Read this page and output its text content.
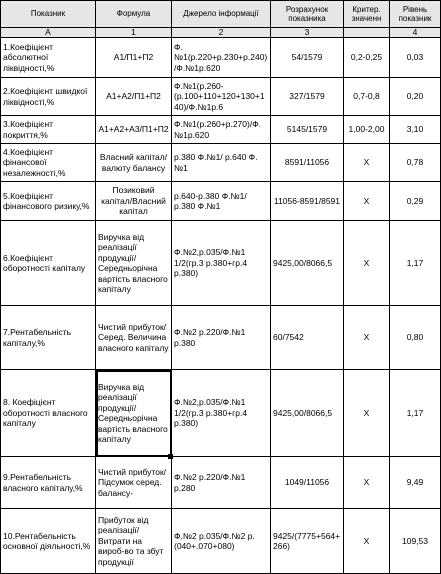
Показник	Формула	Джерело інформації	Розрахунок показника	Критер. значенн	Рівень показник
А	1	2	3		4
1.Коефіцієнт абсолютної ліквідності,%	А1/П1+П2	Ф.№1(р.220+р.230+р.240)/Ф.№1р.620	54/1579	0,2-0,25	0,03
2.Коефіцієнт швидкої ліквідності,%	А1+А2/П1+П2	Ф.№1(р.260-(р.100+110+120+130+140)/Ф.№1р.6	327/1579	0,7-0,8	0,20
3.Коефіцієнт покриття,%	А1+А2+А3/П1+П2	Ф.№1(р.260+р.270)/Ф.№1р.620	5145/1579	1,00-2,00	3,10
4.Коефіцієнт фінансової незалежності,%	Власний капітал/валюту балансу	р.380 Ф.№1/ р.640 Ф.№1	8591/11056	Х	0,78
5.Коефіцієнт фінансового ризику,%	Позиковий капітал/Власний капітал	р.640-р.380 Ф.№1/р.380 Ф.№1	11056-8591/8591	Х	0,29
6.Коефіцієнт оборотності капіталу	Виручка від реалізації продукції/Середньорічна вартість власного капіталу	Ф.№2,р.035/Ф.№1 1/2(гр.3 р.380+гр.4 р.380)	9425,00/8066,5	Х	1,17
7.Рентабельність капіталу,%	Чистий прибуток/Серед. Величина власного капіталу	Ф.№2 р.220/Ф.№1 р.380	60/7542	Х	0,80
8. Коефіцієнт оборотності власного капіталу	Виручка від реалізації продукції/Середньорічна вартість власного капіталу	Ф.№2,р.035/Ф.№1 1/2(гр.3 р.380+гр.4 р.380)	9425,00/8066,5	Х	1,17
9.Рентабельність власного капіталу,%	Чистий прибуток/Підсумок серед. балансу-	Ф.№2 р.220/Ф.№1 р.280	1049/11056	Х	9,49
10.Рентабельність основної діяльності,%	Прибуток від реалізації/Витрати на вироб-во та збут продукції	Ф.№2 р.035/Ф.№2 р.(040+.070+080)	9425/(7775+564+266)	Х	109,53
